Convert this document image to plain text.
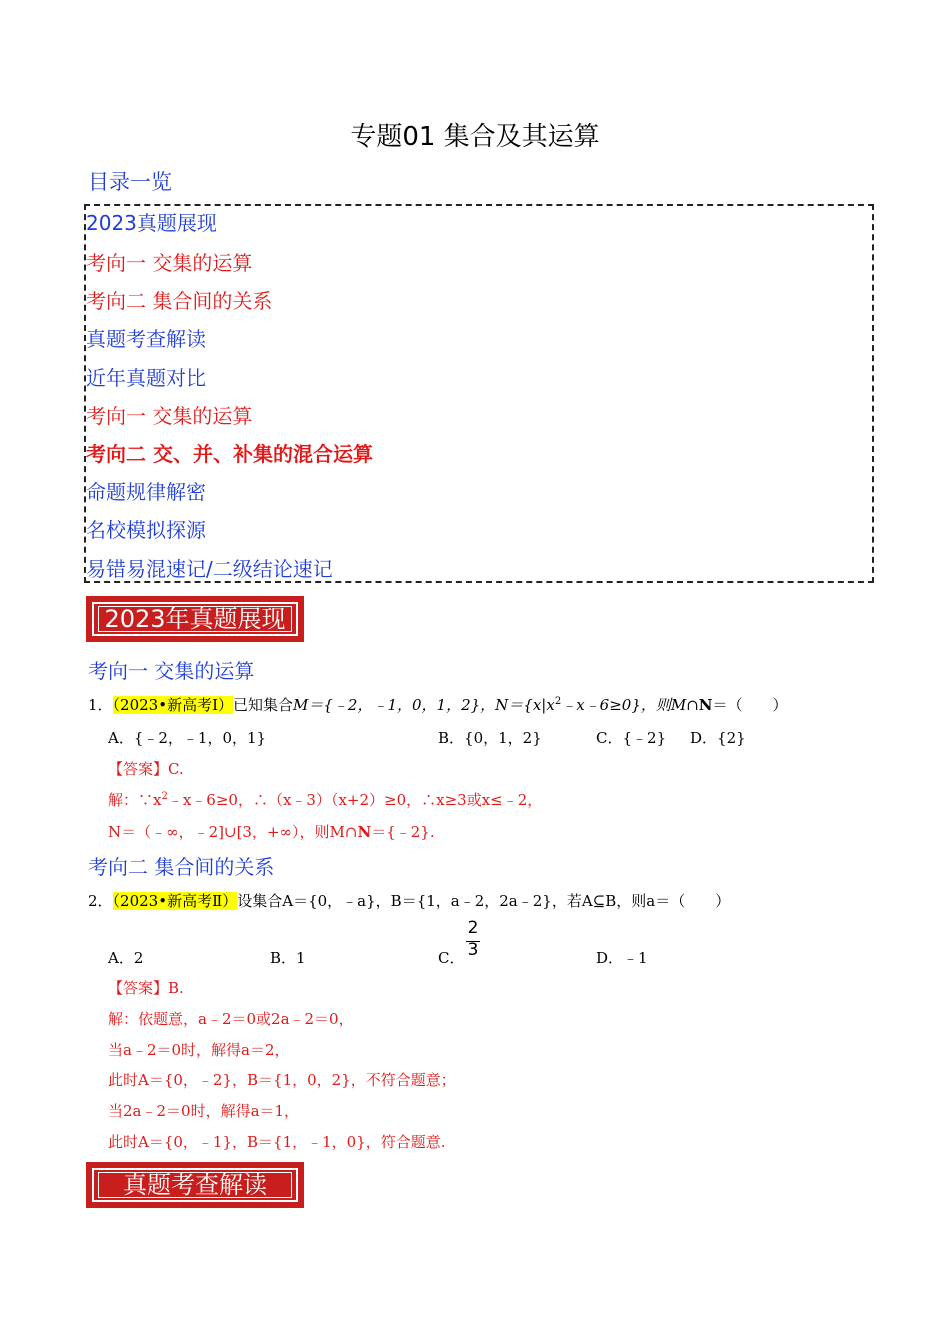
专题01 集合及其运算
目录一览
2023真题展现
考向一 交集的运算
考向二 集合间的关系
真题考查解读
近年真题对比
考向一 交集的运算
考向二 交、并、补集的混合运算
命题规律解密
名校模拟探源
易错易混速记/二级结论速记
2023年真题展现
考向一 交集的运算
1．（2023•新高考Ⅰ）已知集合M＝{﹣2，﹣1，0，1，2}，$N=\{x|x^2﹣x﹣6\ge 0\}$，则M∩N＝（　　）
A．{﹣2，﹣1，0，1}	B．{0，1，2}	C．{﹣2} D．{2}
【答案】C.
解：$\because x^2﹣x﹣6\ge 0$，∴（x﹣3）（x+2）≥0，∴x≥3或x≤﹣2，
N＝（﹣∞，﹣2]∪[3，+∞），则M∩N＝{﹣2}.
考向二 集合间的关系
2．（2023•新高考Ⅱ）设集合A＝{0，﹣a}，B＝{1，a﹣2，2a﹣2}，若A⊆B，则a＝（　　）
A．2	B．1	C．
2
3	D．﹣1
【答案】B.
解：依题意，a﹣2＝0或2a﹣2＝0，
当a﹣2＝0时，解得a＝2，
此时A＝{0，﹣2}，B＝{1，0，2}，不符合题意；
当2a﹣2＝0时，解得a＝1，
此时A＝{0，﹣1}，B＝{1，﹣1，0}，符合题意.
真题考查解读
